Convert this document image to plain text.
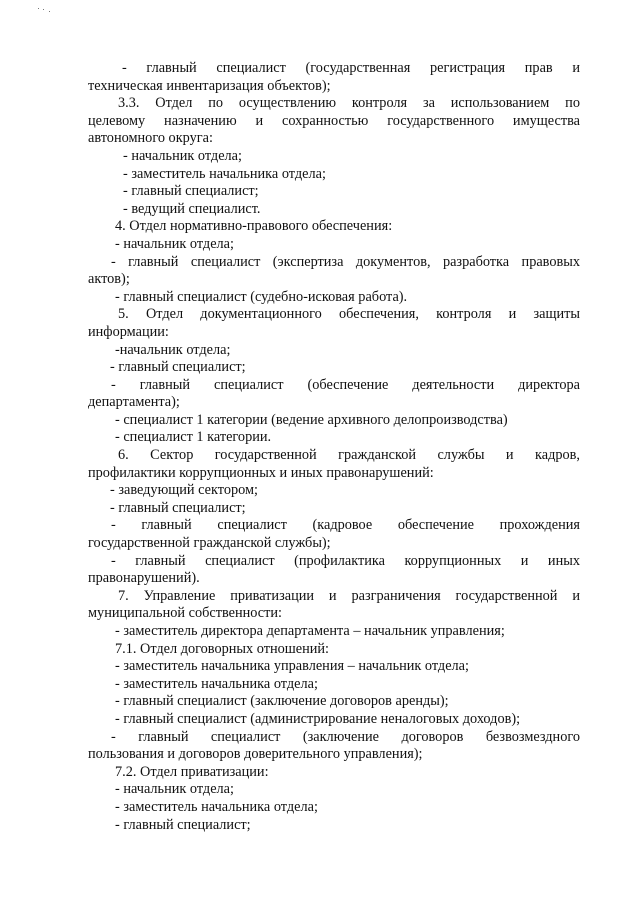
- главный специалист (государственная регистрация прав и

техническая инвентаризация объектов);

3.3. Отдел по осуществлению контроля за использованием по

целевому назначению и сохранностью государственного имущества

автономного округа:

- начальник отдела;

- заместитель начальника отдела;

- главный специалист;

- ведущий специалист.

4. Отдел нормативно-правового обеспечения:

- начальник отдела;

- главный специалист (экспертиза документов, разработка правовых

актов);

- главный специалист (судебно-исковая работа).

5. Отдел документационного обеспечения, контроля и защиты

информации:

-начальник отдела;

- главный специалист;

- главный специалист (обеспечение деятельности директора

департамента);

- специалист 1 категории (ведение архивного делопроизводства)

- специалист 1 категории.

6. Сектор государственной гражданской службы и кадров,

профилактики коррупционных и иных правонарушений:

- заведующий сектором;

- главный специалист;

- главный специалист (кадровое обеспечение прохождения

государственной гражданской службы);

- главный специалист (профилактика коррупционных и иных

правонарушений).

7. Управление приватизации и разграничения государственной и

муниципальной собственности:

- заместитель директора департамента – начальник управления;

7.1. Отдел договорных отношений:

- заместитель начальника управления – начальник отдела;

- заместитель начальника отдела;

- главный специалист (заключение договоров аренды);

- главный специалист (администрирование неналоговых доходов);

- главный специалист (заключение договоров безвозмездного

пользования и договоров доверительного управления);

7.2. Отдел приватизации:

- начальник отдела;

- заместитель начальника отдела;

- главный специалист;
